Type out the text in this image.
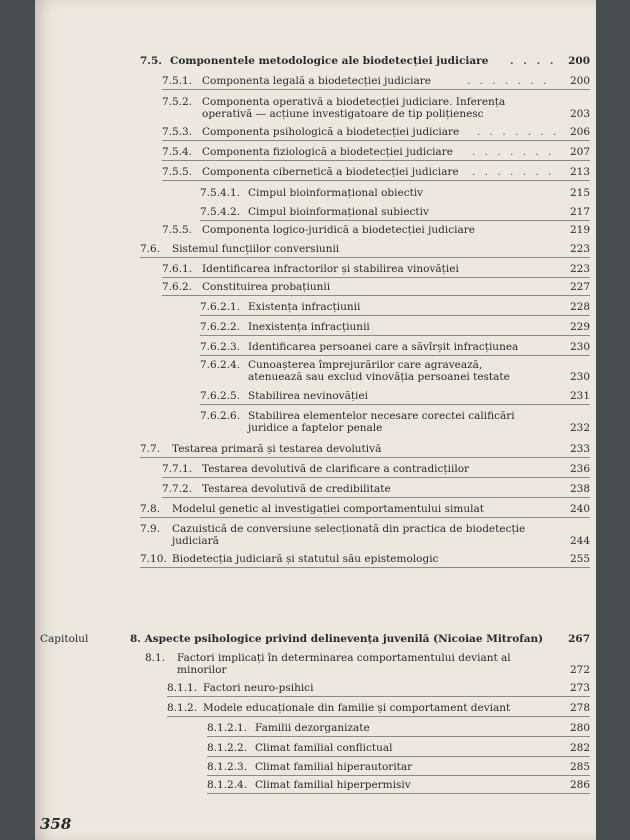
7.5. Componentele metodologice ale biodetecției judiciare . . . .	200
7.5.1. Componenta legală a biodetecției judiciare	. . . . . . .	200
7.5.2. Componenta operativă a biodetecției judiciare. Inferența operativă — acțiune investigatoare de tip polițienesc	203
7.5.3. Componenta psihologică a biodetecției judiciare . . . . . . .	206
7.5.4. Componenta fiziologică a biodetecției judiciare . . . . . . .	207
7.5.5. Componenta cibernetică a biodetecției judiciare . . . . . . .	213
7.5.4.1. Cimpul bioinformațional obiectiv	215
7.5.4.2. Cimpul bioinformațional subiectiv	217
7.5.5. Componenta logico-juridică a biodetecției judiciare	219
7.6. Sistemul funcțiilor conversiunii	223
7.6.1. Identificarea infractorilor și stabilirea vinovăției	223
7.6.2. Constituirea probațiunii	227
7.6.2.1. Existența infracțiunii	228
7.6.2.2. Inexistența infracțiunii	229
7.6.2.3. Identificarea persoanei care a săvîrșit infracțiunea	230
7.6.2.4. Cunoașterea împrejurărilor care agravează, atenuează sau exclud vinovăția persoanei testate	230
7.6.2.5. Stabilirea nevinovăției	231
7.6.2.6. Stabilirea elementelor necesare corectei calificări juridice a faptelor penale	232
7.7. Testarea primară și testarea devolutivă	233
7.7.1. Testarea devolutivă de clarificare a contradicțiilor	236
7.7.2. Testarea devolutivă de credibilitate	238
7.8. Modelul genetic al investigației comportamentului simulat	240
7.9. Cazuistică de conversiune selecționată din practica de biodetecție judiciară	244
7.10. Biodetecția judiciară și statutul său epistemologic	255
Capitolul	8. Aspecte psihologice privind delinevența juvenilă (Nicoiae Mitrofan)	267
8.1. Factori implicați în determinarea comportamentului deviant al minorilor	272
8.1.1. Factori neuro-psihici	273
8.1.2. Modele educaționale din familie și comportament deviant	278
8.1.2.1. Familii dezorganizate	280
8.1.2.2. Climat familial conflictual	282
8.1.2.3. Climat familial hiperautoritar	285
8.1.2.4. Climat familial hiperpermisiv	286
358
